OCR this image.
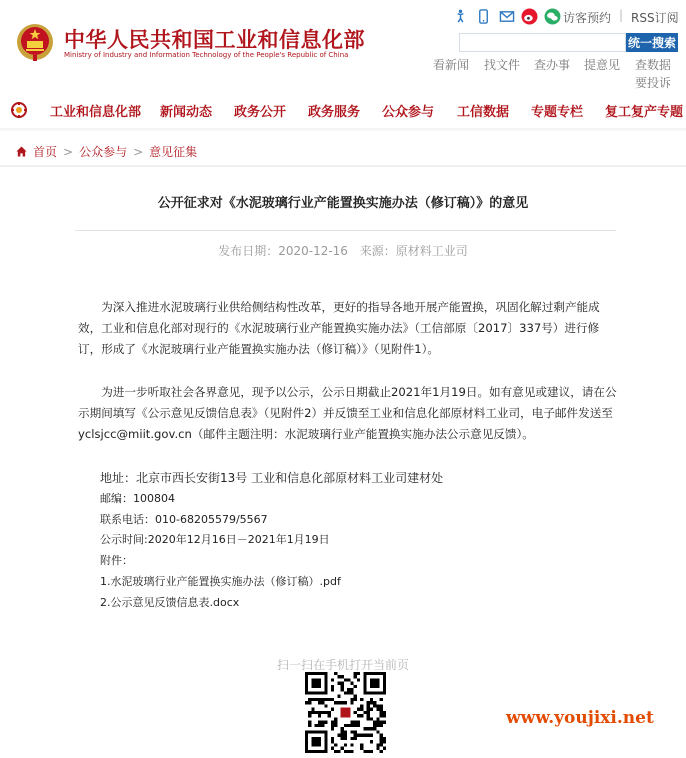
中华人民共和国工业和信息化部
Ministry of Industry and Information Technology of the People's Republic of China
访客预约 | RSS订阅
统一搜索
看新闻 找文件 查办事 提意见 查数据
要投诉
工业和信息化部 新闻动态 政务公开 政务服务 公众参与 工信数据 专题专栏 复工复产专题
首页 > 公众参与 > 意见征集
公开征求对《水泥玻璃行业产能置换实施办法（修订稿）》的意见
发布日期：2020-12-16 来源：原材料工业司
为深入推进水泥玻璃行业供给侧结构性改革，更好的指导各地开展产能置换，巩固化解过剩产能成效，工业和信息化部对现行的《水泥玻璃行业产能置换实施办法》（工信部原〔2017〕337号）进行修订，形成了《水泥玻璃行业产能置换实施办法（修订稿）》（见附件1）。
为进一步听取社会各界意见，现予以公示，公示日期截止2021年1月19日。如有意见或建议，请在公示期间填写《公示意见反馈信息表》（见附件2）并反馈至工业和信息化部原材料工业司，电子邮件发送至yclsjcc@miit.gov.cn（邮件主题注明：水泥玻璃行业产能置换实施办法公示意见反馈）。
地址：北京市西长安街13号 工业和信息化部原材料工业司建材处
邮编：100804
联系电话：010-68205579/5567
公示时间:2020年12月16日－2021年1月19日
附件：
1.水泥玻璃行业产能置换实施办法（修订稿）.pdf
2.公示意见反馈信息表.docx
扫一扫在手机打开当前页
www.youjixi.net
